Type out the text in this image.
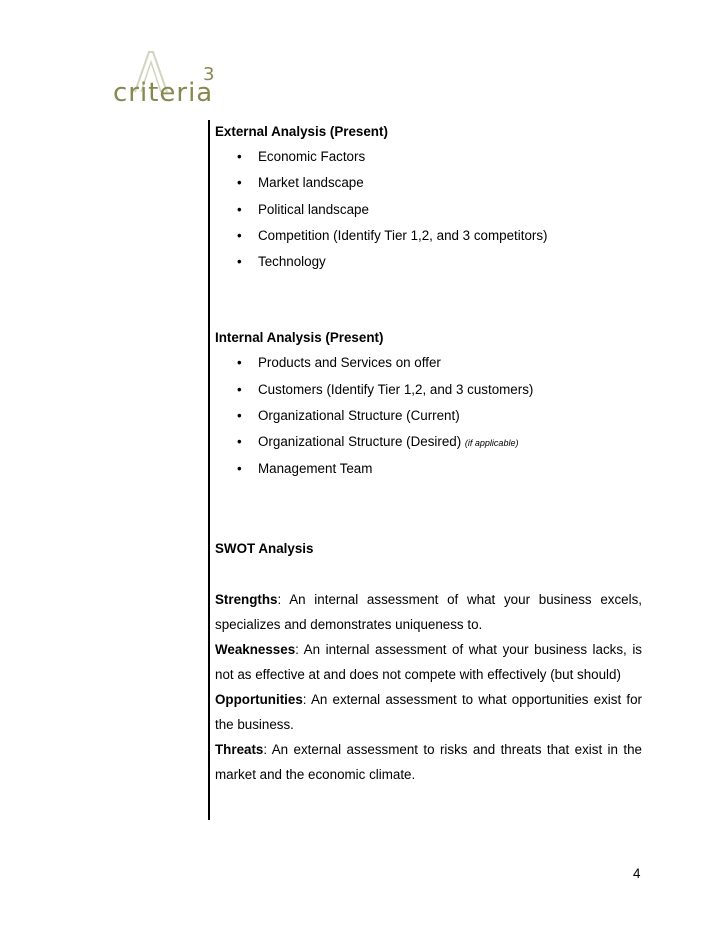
criteria
3
External Analysis (Present)
• Economic Factors
• Market landscape
• Political landscape
• Competition (Identify Tier 1,2, and 3 competitors)
• Technology
Internal Analysis (Present)
• Products and Services on offer
• Customers (Identify Tier 1,2, and 3 customers)
• Organizational Structure (Current)
• Organizational Structure (Desired) (if applicable)
• Management Team
SWOT Analysis
Strengths: An internal assessment of what your business excels, specializes and demonstrates uniqueness to.
Weaknesses: An internal assessment of what your business lacks, is not as effective at and does not compete with effectively (but should)
Opportunities: An external assessment to what opportunities exist for the business.
Threats: An external assessment to risks and threats that exist in the market and the economic climate.
4
